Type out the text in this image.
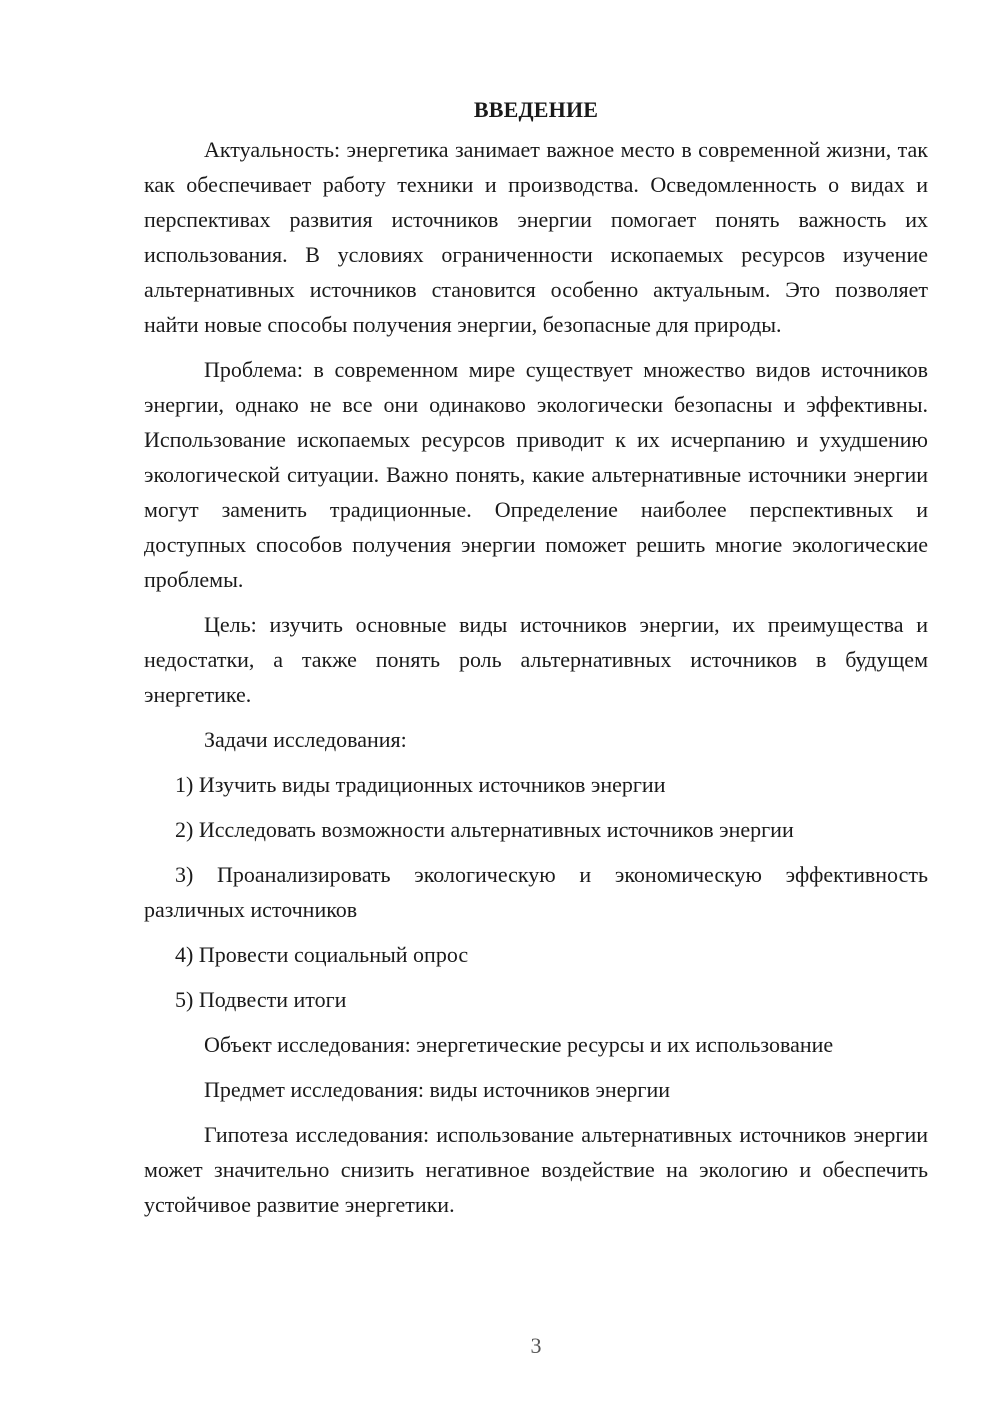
ВВЕДЕНИЕ

Актуальность: энергетика занимает важное место в современной жизни, так как обеспечивает работу техники и производства. Осведомленность о видах и перспективах развития источников энергии помогает понять важность их использования. В условиях ограниченности ископаемых ресурсов изучение альтернативных источников становится особенно актуальным. Это позволяет найти новые способы получения энергии, безопасные для природы.

Проблема: в современном мире существует множество видов источников энергии, однако не все они одинаково экологически безопасны и эффективны. Использование ископаемых ресурсов приводит к их исчерпанию и ухудшению экологической ситуации. Важно понять, какие альтернативные источники энергии могут заменить традиционные. Определение наиболее перспективных и доступных способов получения энергии поможет решить многие экологические проблемы.

Цель: изучить основные виды источников энергии, их преимущества и недостатки, а также понять роль альтернативных источников в будущем энергетике.

Задачи исследования:

1) Изучить виды традиционных источников энергии

2) Исследовать возможности альтернативных источников энергии

3) Проанализировать экологическую и экономическую эффективность различных источников

4) Провести социальный опрос

5) Подвести итоги

Объект исследования: энергетические ресурсы и их использование

Предмет исследования: виды источников энергии

Гипотеза исследования: использование альтернативных источников энергии может значительно снизить негативное воздействие на экологию и обеспечить устойчивое развитие энергетики.

3
